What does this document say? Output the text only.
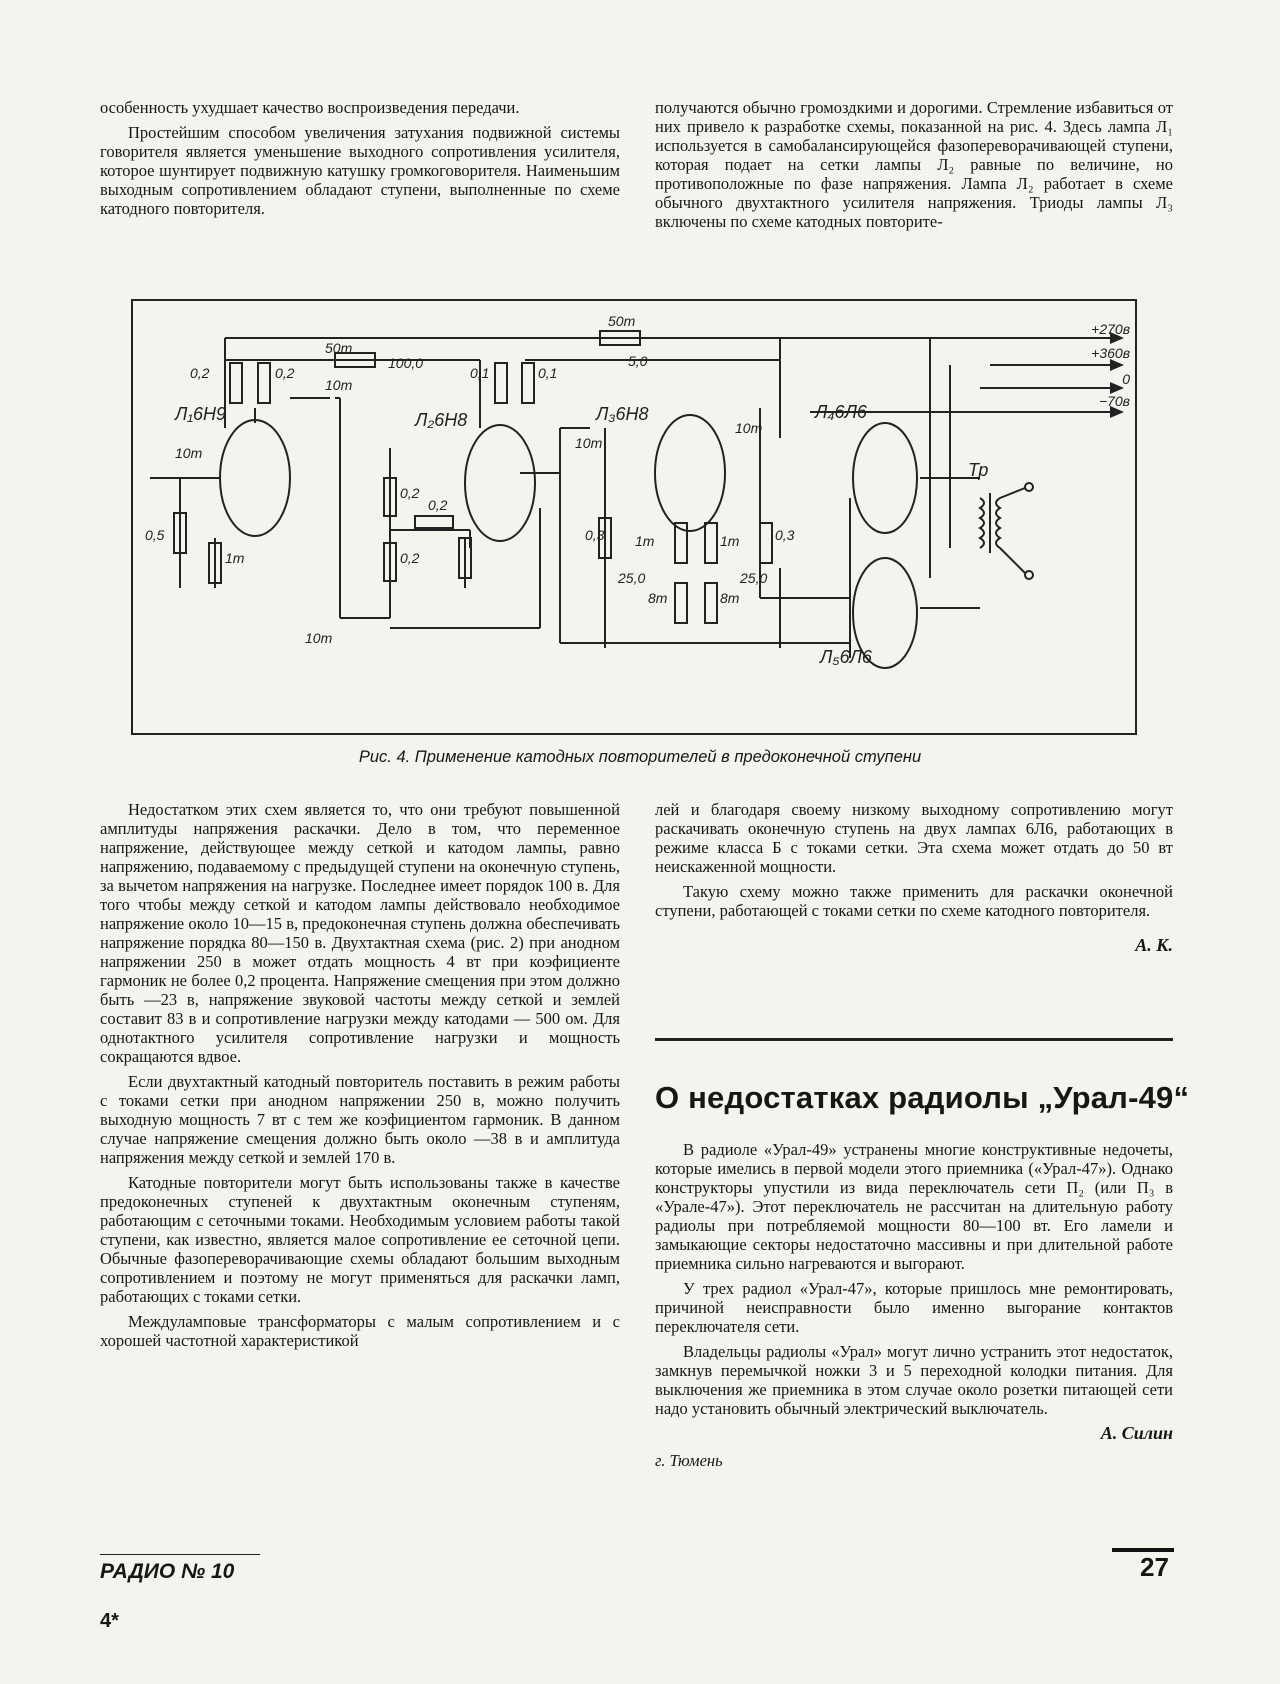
особенность ухудшает качество воспроизведения передачи.

Простейшим способом увеличения затухания подвижной системы говорителя является уменьшение выходного сопротивления усилителя, которое шунтирует подвижную катушку громкоговорителя. Наименьшим выходным сопротивлением обладают ступени, выполненные по схеме катодного повторителя.

получаются обычно громоздкими и дорогими. Стремление избавиться от них привело к разработке схемы, показанной на рис. 4. Здесь лампа Л₁ используется в самобалансирующейся фазопереворачивающей ступени, которая подает на сетки лампы Л₂ равные по величине, но противоположные по фазе напряжения. Лампа Л₂ работает в схеме обычного двухтактного усилителя напряжения. Триоды лампы Л₃ включены по схеме катодных повторите-

+270в
+360в
0
−70в
Л₁6Н9	Л₂6Н8	Л₃6Н8	Л₄6Л6
Л₅6Л6
Тр
50т
50т
100,0	5,0
0,2	0,2	0,1	0,1
10т
10т
10т
10т
10т
0,5
1т
0,2
0,2
0,2
0,3	0,3
1т	1т
25,0	25,0
8т	8т
Рис. 4. Применение катодных повторителей в предоконечной ступени

Недостатком этих схем является то, что они требуют повышенной амплитуды напряжения раскачки. Дело в том, что переменное напряжение, действующее между сеткой и катодом лампы, равно напряжению, подаваемому с предыдущей ступени на оконечную ступень, за вычетом напряжения на нагрузке. Последнее имеет порядок 100 в. Для того чтобы между сеткой и катодом лампы действовало необходимое напряжение около 10—15 в, предоконечная ступень должна обеспечивать напряжение порядка 80—150 в. Двухтактная схема (рис. 2) при анодном напряжении 250 в может отдать мощность 4 вт при коэфициенте гармоник не более 0,2 процента. Напряжение смещения при этом должно быть —23 в, напряжение звуковой частоты между сеткой и землей составит 83 в и сопротивление нагрузки между катодами — 500 ом. Для однотактного усилителя сопротивление нагрузки и мощность сокращаются вдвое.

Если двухтактный катодный повторитель поставить в режим работы с токами сетки при анодном напряжении 250 в, можно получить выходную мощность 7 вт с тем же коэфициентом гармоник. В данном случае напряжение смещения должно быть около —38 в и амплитуда напряжения между сеткой и землей 170 в.

Катодные повторители могут быть использованы также в качестве предоконечных ступеней к двухтактным оконечным ступеням, работающим с сеточными токами. Необходимым условием работы такой ступени, как известно, является малое сопротивление ее сеточной цепи. Обычные фазопереворачивающие схемы обладают большим выходным сопротивлением и поэтому не могут применяться для раскачки ламп, работающих с токами сетки.

Междуламповые трансформаторы с малым сопротивлением и с хорошей частотной характеристикой

лей и благодаря своему низкому выходному сопротивлению могут раскачивать оконечную ступень на двух лампах 6Л6, работающих в режиме класса Б с токами сетки. Эта схема может отдать до 50 вт неискаженной мощности.

Такую схему можно также применить для раскачки оконечной ступени, работающей с токами сетки по схеме катодного повторителя.

А. К.
О недостатках радиолы „Урал-49“

В радиоле «Урал-49» устранены многие конструктивные недочеты, которые имелись в первой модели этого приемника («Урал-47»). Однако конструкторы упустили из вида переключатель сети П₂ (или П₃ в «Урале-47»). Этот переключатель не рассчитан на длительную работу радиолы при потребляемой мощности 80—100 вт. Его ламели и замыкающие секторы недостаточно массивны и при длительной работе приемника сильно нагреваются и выгорают.

У трех радиол «Урал-47», которые пришлось мне ремонтировать, причиной неисправности было именно выгорание контактов переключателя сети.

Владельцы радиолы «Урал» могут лично устранить этот недостаток, замкнув перемычкой ножки 3 и 5 переходной колодки питания. Для выключения же приемника в этом случае около розетки питающей сети надо установить обычный электрический выключатель.

А. Силин

г. Тюмень

РАДИО № 10
4*
27
